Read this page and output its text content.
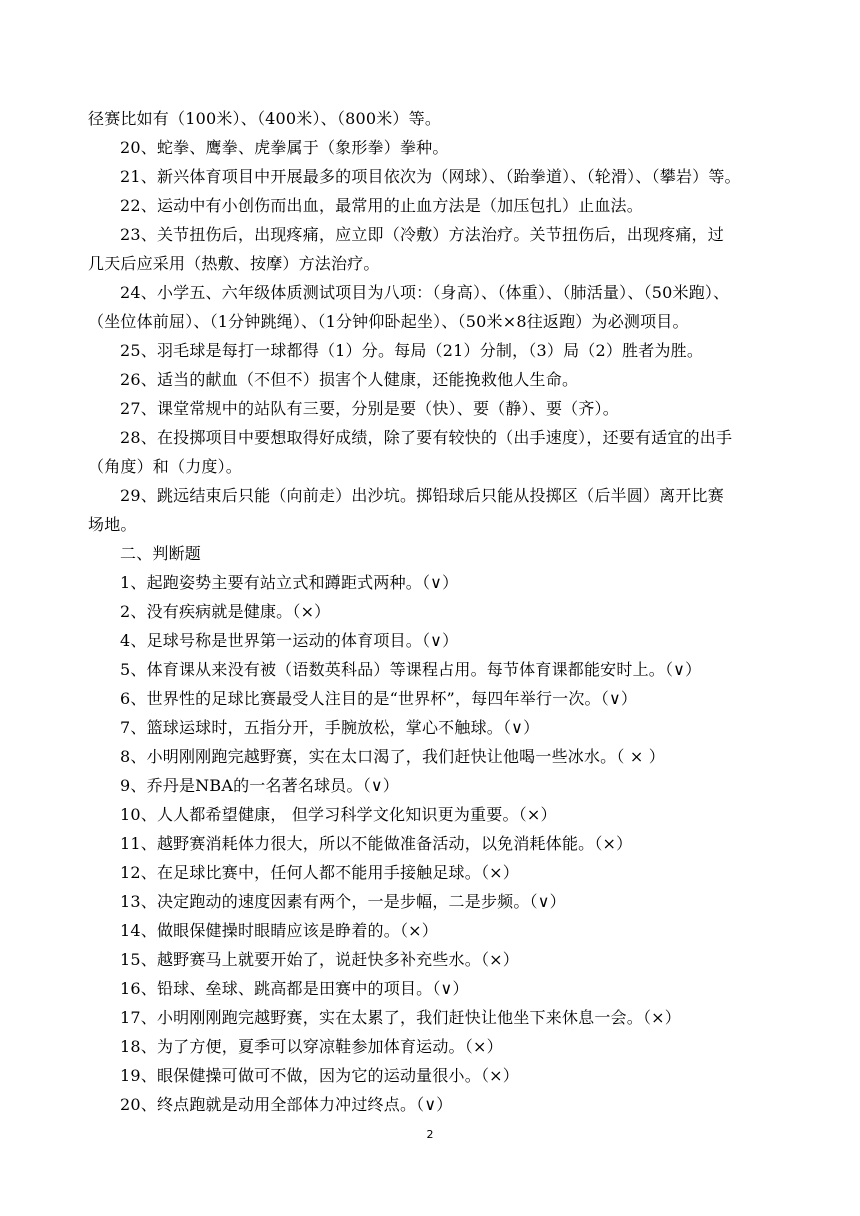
径赛比如有（100米）、（400米）、（800米）等。
20、蛇拳、鹰拳、虎拳属于（象形拳）拳种。
21、新兴体育项目中开展最多的项目依次为（网球）、（跆拳道）、（轮滑）、（攀岩）等。
22、运动中有小创伤而出血，最常用的止血方法是（加压包扎）止血法。
23、关节扭伤后，出现疼痛，应立即（冷敷）方法治疗。关节扭伤后，出现疼痛，过
几天后应采用（热敷、按摩）方法治疗。
24、小学五、六年级体质测试项目为八项：（身高）、（体重）、（肺活量）、（50米跑）、
（坐位体前屈）、（1分钟跳绳）、（1分钟仰卧起坐）、（50米×8往返跑）为必测项目。
25、羽毛球是每打一球都得（1）分。每局（21）分制，（3）局（2）胜者为胜。
26、适当的献血（不但不）损害个人健康，还能挽救他人生命。
27、课堂常规中的站队有三要，分别是要（快）、要（静）、要（齐）。
28、在投掷项目中要想取得好成绩，除了要有较快的（出手速度），还要有适宜的出手
（角度）和（力度）。
29、跳远结束后只能（向前走）出沙坑。掷铅球后只能从投掷区（后半圆）离开比赛
场地。
二、判断题
1、起跑姿势主要有站立式和蹲距式两种。（∨）
2、没有疾病就是健康。（×）
4、足球号称是世界第一运动的体育项目。（∨）
5、体育课从来没有被（语数英科品）等课程占用。每节体育课都能安时上。（∨）
6、世界性的足球比赛最受人注目的是“世界杯”，每四年举行一次。（∨）
7、篮球运球时，五指分开，手腕放松，掌心不触球。（∨）
8、小明刚刚跑完越野赛，实在太口渴了，我们赶快让他喝一些冰水。（ × ）
9、乔丹是NBA的一名著名球员。（∨）
10、人人都希望健康， 但学习科学文化知识更为重要。（×）
11、越野赛消耗体力很大，所以不能做准备活动，以免消耗体能。（×）
12、在足球比赛中，任何人都不能用手接触足球。（×）
13、决定跑动的速度因素有两个，一是步幅，二是步频。（∨）
14、做眼保健操时眼睛应该是睁着的。（×）
15、越野赛马上就要开始了，说赶快多补充些水。（×）
16、铅球、垒球、跳高都是田赛中的项目。（∨）
17、小明刚刚跑完越野赛，实在太累了，我们赶快让他坐下来休息一会。（×）
18、为了方便，夏季可以穿凉鞋参加体育运动。（×）
19、眼保健操可做可不做，因为它的运动量很小。（×）
20、终点跑就是动用全部体力冲过终点。（∨）
2
